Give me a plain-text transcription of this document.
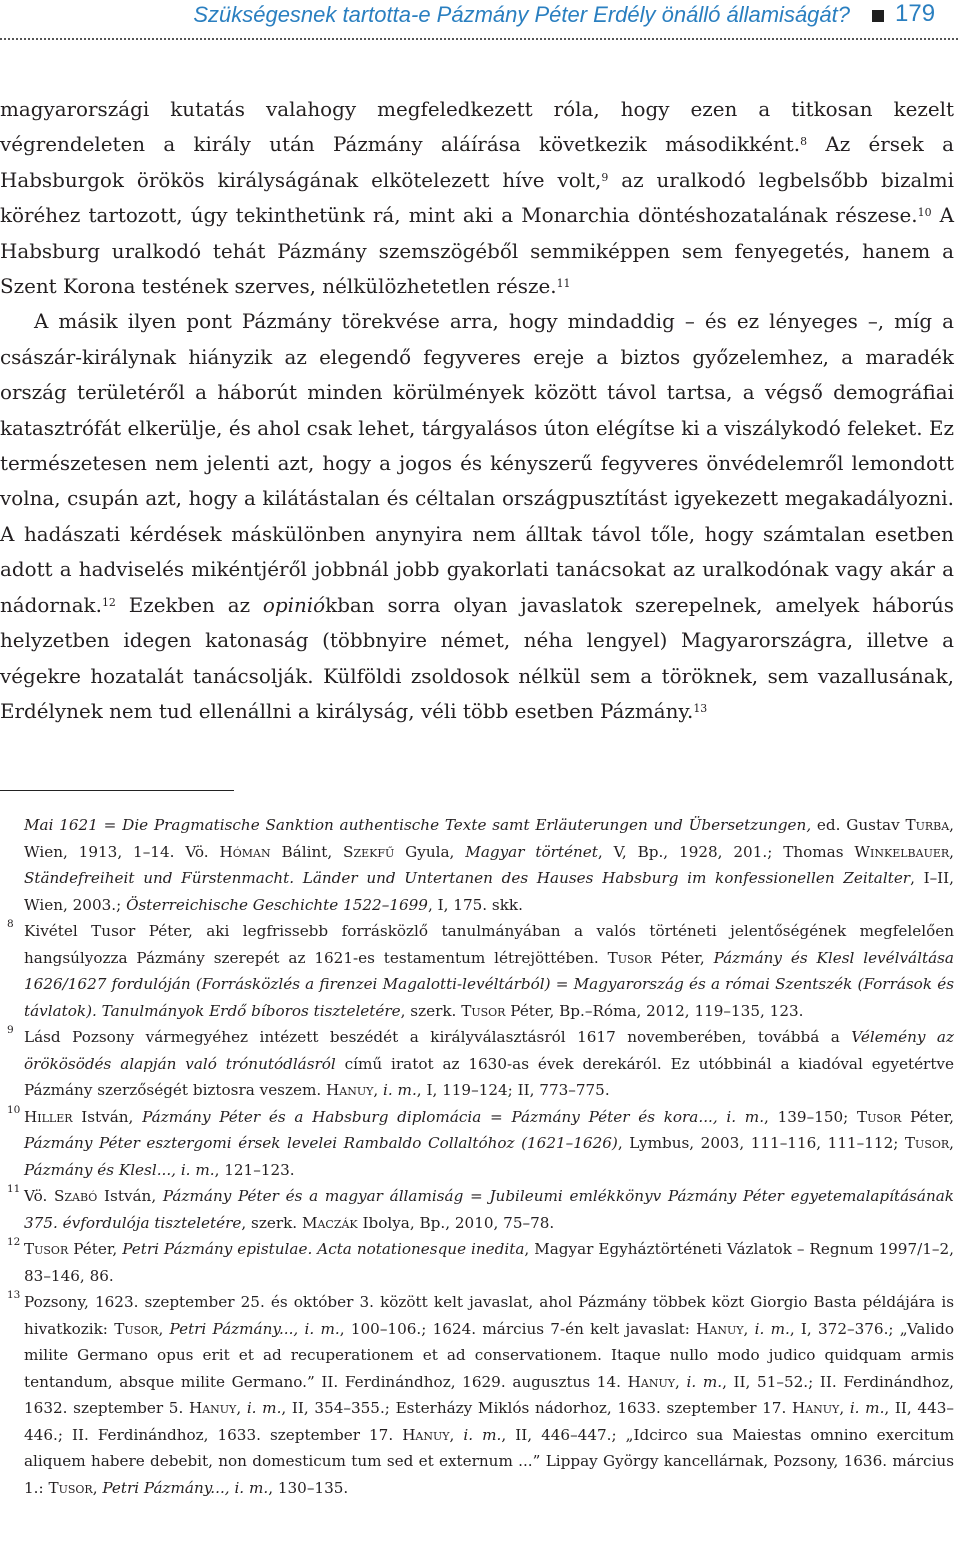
Szükségesnek tartotta-e Pázmány Péter Erdély önálló államiságát? 179

magyarországi kutatás valahogy megfeledkezett róla, hogy ezen a titkosan kezelt végrendeleten a király után Pázmány aláírása következik másodikként.$^8$ Az érsek a Habsburgok örökös királyságának elkötelezett híve volt,$^9$ az uralkodó legbelsőbb bizalmi köréhez tartozott, úgy tekinthetünk rá, mint aki a Monarchia döntéshozatalának részese.$^{10}$ A Habsburg uralkodó tehát Pázmány szemszögéből semmiképpen sem fenyegetés, hanem a Szent Korona testének szerves, nélkülözhetetlen része.$^{11}$

A másik ilyen pont Pázmány törekvése arra, hogy mindaddig – és ez lényeges –, míg a császár-királynak hiányzik az elegendő fegyveres ereje a biztos győzelemhez, a maradék ország területéről a háborút minden körülmények között távol tartsa, a végső demográfiai katasztrófát elkerülje, és ahol csak lehet, tárgyalásos úton elégítse ki a viszálykodó feleket. Ez természetesen nem jelenti azt, hogy a jogos és kényszerű fegyveres önvédelemről lemondott volna, csupán azt, hogy a kilátástalan és céltalan országpusztítást igyekezett megakadályozni. A hadászati kérdések máskülönben anynyira nem álltak távol tőle, hogy számtalan esetben adott a hadviselés mikéntjéről jobbnál jobb gyakorlati tanácsokat az uralkodónak vagy akár a nádornak.$^{12}$ Ezekben az opiniókban sorra olyan javaslatok szerepelnek, amelyek háborús helyzetben idegen katonaság (többnyire német, néha lengyel) Magyarországra, illetve a végekre hozatalát tanácsolják. Külföldi zsoldosok nélkül sem a töröknek, sem vazallusának, Erdélynek nem tud ellenállni a királyság, véli több esetben Pázmány.$^{13}$

Mai 1621 = Die Pragmatische Sanktion authentische Texte samt Erläuterungen und Übersetzungen, ed. Gustav Turba, Wien, 1913, 1–14. Vö. Hóman Bálint, Szekfű Gyula, Magyar történet, V, Bp., 1928, 201.; Thomas Winkelbauer, Ständefreiheit und Fürstenmacht. Länder und Untertanen des Hauses Habsburg im konfessionellen Zeitalter, I–II, Wien, 2003.; Österreichische Geschichte 1522–1699, I, 175. skk.
8 Kivétel Tusor Péter, aki legfrissebb forrásközlő tanulmányában a valós történeti jelentőségének megfelelően hangsúlyozza Pázmány szerepét az 1621-es testamentum létrejöttében. Tusor Péter, Pázmány és Klesl levélváltása 1626/1627 fordulóján (Forrásközlés a firenzei Magalotti-levéltárból) = Magyarország és a római Szentszék (Források és távlatok). Tanulmányok Erdő bíboros tiszteletére, szerk. Tusor Péter, Bp.–Róma, 2012, 119–135, 123.
9 Lásd Pozsony vármegyéhez intézett beszédét a királyválasztásról 1617 novemberében, továbbá a Vélemény az örökösödés alapján való trónutódlásról című iratot az 1630-as évek derekáról. Ez utóbbinál a kiadóval egyetértve Pázmány szerzőségét biztosra veszem. Hanuy, i. m., I, 119–124; II, 773–775.
10 Hiller István, Pázmány Péter és a Habsburg diplomácia = Pázmány Péter és kora..., i. m., 139–150; Tusor Péter, Pázmány Péter esztergomi érsek levelei Rambaldo Collaltóhoz (1621–1626), Lymbus, 2003, 111–116, 111–112; Tusor, Pázmány és Klesl..., i. m., 121–123.
11 Vö. Szabó István, Pázmány Péter és a magyar államiság = Jubileumi emlékkönyv Pázmány Péter egyetemalapításának 375. évfordulója tiszteletére, szerk. Maczák Ibolya, Bp., 2010, 75–78.
12 Tusor Péter, Petri Pázmány epistulae. Acta notationesque inedita, Magyar Egyháztörténeti Vázlatok – Regnum 1997/1–2, 83–146, 86.
13 Pozsony, 1623. szeptember 25. és október 3. között kelt javaslat, ahol Pázmány többek közt Giorgio Basta példájára is hivatkozik: Tusor, Petri Pázmány..., i. m., 100–106.; 1624. március 7-én kelt javaslat: Hanuy, i. m., I, 372–376.; „Valido milite Germano opus erit et ad recuperationem et ad conservationem. Itaque nullo modo judico quidquam armis tentandum, absque milite Germano.” II. Ferdinándhoz, 1629. augusztus 14. Hanuy, i. m., II, 51–52.; II. Ferdinándhoz, 1632. szeptember 5. Hanuy, i. m., II, 354–355.; Esterházy Miklós nádorhoz, 1633. szeptember 17. Hanuy, i. m., II, 443–446.; II. Ferdinándhoz, 1633. szeptember 17. Hanuy, i. m., II, 446–447.; „Idcirco sua Maiestas omnino exercitum aliquem habere debebit, non domesticum tum sed et externum ...” Lippay György kancellárnak, Pozsony, 1636. március 1.: Tusor, Petri Pázmány..., i. m., 130–135.
